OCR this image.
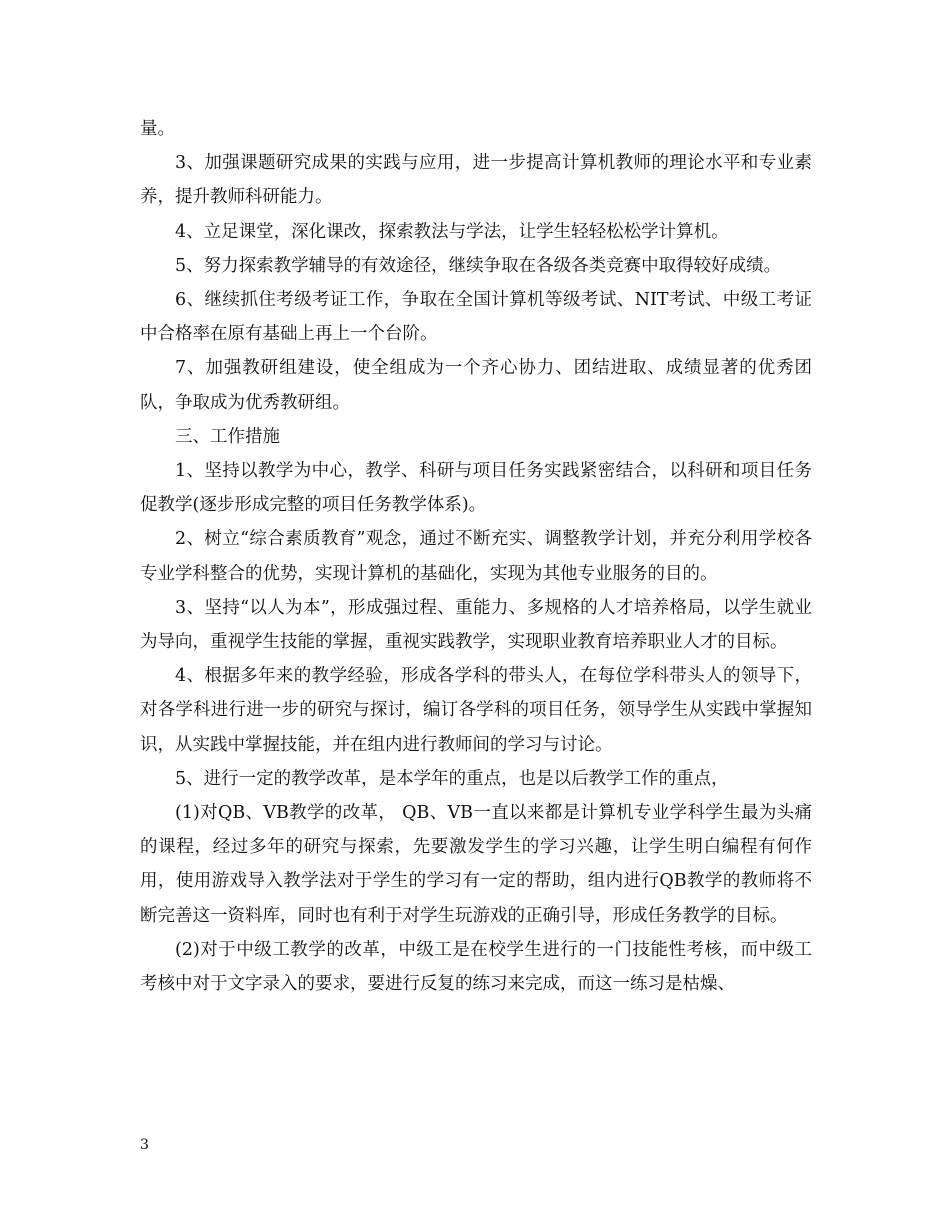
量。

3、加强课题研究成果的实践与应用，进一步提高计算机教师的理论水平和专业素养，提升教师科研能力。

4、立足课堂，深化课改，探索教法与学法，让学生轻轻松松学计算机。

5、努力探索教学辅导的有效途径，继续争取在各级各类竞赛中取得较好成绩。

6、继续抓住考级考证工作，争取在全国计算机等级考试、NIT考试、中级工考证中合格率在原有基础上再上一个台阶。

7、加强教研组建设，使全组成为一个齐心协力、团结进取、成绩显著的优秀团队，争取成为优秀教研组。

三、工作措施

1、坚持以教学为中心，教学、科研与项目任务实践紧密结合，以科研和项目任务促教学(逐步形成完整的项目任务教学体系)。

2、树立“综合素质教育”观念，通过不断充实、调整教学计划，并充分利用学校各专业学科整合的优势，实现计算机的基础化，实现为其他专业服务的目的。

3、坚持“以人为本”，形成强过程、重能力、多规格的人才培养格局，以学生就业为导向，重视学生技能的掌握，重视实践教学，实现职业教育培养职业人才的目标。

4、根据多年来的教学经验，形成各学科的带头人，在每位学科带头人的领导下，对各学科进行进一步的研究与探讨，编订各学科的项目任务，领导学生从实践中掌握知识，从实践中掌握技能，并在组内进行教师间的学习与讨论。

5、进行一定的教学改革，是本学年的重点，也是以后教学工作的重点，

(1)对QB、VB教学的改革， QB、VB一直以来都是计算机专业学科学生最为头痛的课程，经过多年的研究与探索，先要激发学生的学习兴趣，让学生明白编程有何作用，使用游戏导入教学法对于学生的学习有一定的帮助，组内进行QB教学的教师将不断完善这一资料库，同时也有利于对学生玩游戏的正确引导，形成任务教学的目标。

(2)对于中级工教学的改革，中级工是在校学生进行的一门技能性考核，而中级工考核中对于文字录入的要求，要进行反复的练习来完成，而这一练习是枯燥、

3
